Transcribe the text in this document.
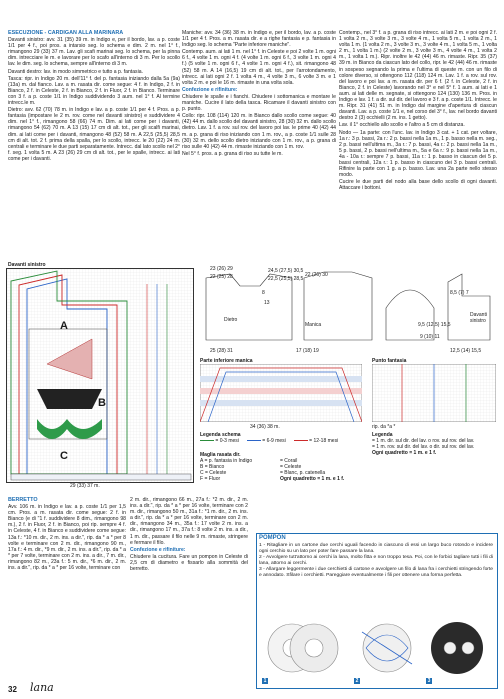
ESECUZIONE - CARDIGAN ALLA MARINARA

Davanti sinistro: avv. 31 (35) 39 m. in Indigo e, per il bordo, lav. a p. coste 1/1 per 4 f., poi pros. a intarsio seg. lo schema e dim. 2 m. nel 1° f., rimangono 29 (33) 37 m. Lav. gli scafi marinai seg. lo schema, per la pinna dim. intrecciare le m. e lavorare per lo scafo all'interno di 3 m. Per lo scollo lav. le dim. seg. lo schema, sempre all'interno di 3 m.

Davanti destro: lav. in modo simmetrico e tutto a p. fantasia.

Tasca: ripr. in Indigo 20 m. dell'11° f. del p. fantasia iniziando dalla 5a (9a) (13a) m. dal fianco. Lav. a m. rasata dir. come segue: 4 f. in Indigo, 2 f. in Bianco, 2 f. in Celeste, 2 f. in Bianco, 2 f. in Fluor, 2 f. in Bianco. Terminare con 3 f. a p. coste 1/1 in Indigo suddividendo 3 aum. nel 1° f. Al termine intrecc.le m.

Dietro: avv. 62 (70) 78 m. in Indigo e lav. a p. coste 1/1 per 4 f. Pros. a p. fantasia (impostare le 2 m. rov. come nel davanti sinistro) e suddividere 4 dim. nel 1° f., rimangono 58 (66) 74 m. Dim. ai lati come per i davanti, rimangono 54 (62) 70 m. A 13 (15) 17 cm di alt. tot., per gli scalfi marinai, dim. ai lati come per i davanti, rimangono 48 (52) 58 m. A 22,5 (25,5) 28,5 cm di alt. tot. 2 f. prima della spalla, per lo scollo, intrecc. le 20 (22) 24 m. centrali e terminare le due parti separatamente. Intrecc. dal lato scollo nel 2° f. seg. 1 volta 5 m. A 23 (26) 29 cm di alt. tot., per le spalle, intrecc. ai lati come per i davanti.

Maniche: avv. 34 (36) 38 m. in Indigo e, per il bordo, lav. a p. coste 1/1 per 4 f. Pros. a m. rasata dir. e a righe fantasia e p. fantasia in Indigo seg. lo schema "Parte inferiore maniche".

Contemp. aum. ai lati 1 m. nel 1° f. in Celeste e poi 2 volte 1 m. ogni 6 f., 4 volte 1 m. ogni 4 f. (4 volte 1 m. ogni 6 f., 3 volte 1 m. ogni 4 f.) (5 volte 1 m. ogni 6 f., 4 volte 1 m. ogni 4 f.), sit. rimangono 48 (52) 58 m. A 14 (16,5) 19 cm di alt. tot., per l'arrotondamento, intrecc. ai lati ogni 2 f. 1 volta 4 m., 4 volte 3 m., 6 volte 3 m. e 1 volta 2 m. e poi le 16 m. rimaste in una volta sola.

Confezione e rifiniture:

Chiudere le spalle e i fianchi. Chiudere i sottomanica e montare le maniche. Cucire il lato della tasca. Ricamare il davanti sinistro con p. punto.

Collo: ripr. 108 (114) 120 m. in Bianco dallo scollo come segue: 40 (42) 44 m. dallo scollo del davanti sinistro, 28 (30) 32 m. dallo scollo dietro. Lav. 1 f. a rov. sul rov. del lavoro poi lav. le prime 40 (42) 44 m. a p. grana di riso iniziando con 1 m. rov., a p. coste 1/1 sulle 28 (30) 32 m. dello scollo dietro iniziando con 1 m. rov., a p. grana di riso sulle 40 (42) 44 m. rimaste iniziando con 1 m. rov.

Nel 5° f. pros. a p. grana di riso su tutte le m.

Contemp., nel 3° f. a p. grana di riso intrecc. ai lati 2 m. e poi ogni 2 f. 1 volta 2 m., 3 volte 3 m., 3 volte 4 m., 1 volta 5 m., 1 volta 2 m., 1 volta 1 m. (1 volta 2 m., 3 volte 3 m., 3 volte 4 m., 1 volta 5 m., 1 volta 2 m., 1 volta 1 m.) (2 volte 2 m., 3 volte 3 m., 4 volte 4 m., 1 volta 2 m., 1 volta 1 m.). Ripr. inoltre le 42 (44) 46 m. rimaste. Ripr. 35 (37) 39 m. in Bianco da ciascun lato del collo, ripr. le 42 (44) 46 m. rimaste in sospeso segnando la prima e l'ultima di queste m. con un filo di colore diverso, si ottengono 112 (118) 124 m. Lav. 1 f. a rov. sul rov. del lavoro e poi lav. a m. rasata dir. per 6 f. (2 f. in Celeste, 2 f. in Bianco, 2 f. in Celeste) lavorando nel 3° e nel 5° f. 1 aum. ai lati e 1 aum. ai lati delle m. segnate, si ottengono 124 (130) 136 m. Pros. in Indigo e lav. 1 f. a dir. sul dir. del lavoro e 3 f. a p. coste 1/1. Intrecc. le m. Ripr. 31 (41) 51 m. in Indigo dal margine d'apertura di ciascun davanti. Lav. a p. coste 1/1 e, nel corso del 3° f., lav. nel bordo davanti destro 2 (3) occhielli (2 m. ins. 1 getto).

Lav. il 1° occhiello allo scollo e l'altro a 5 cm di distanza.

Nodo — 1a parte: con l'unc. lav. in Indigo 3 cat. + 1 cat. per voltare, 1a r.: 3 p. bassi, 2a r.: 2 p. bassi nella 1a m., 1 p. basso nella m. seg., 2 p. bassi nell'ultima m., 3a r.: 7 p. bassi, 4a r.: 2 p. bassi nella 1a m., 5 p. bassi, 2 p. bassi nell'ultima m., 5a e 6a r.: 9 p. bassi nella 1a m., 4a - 10a r.: sempre 7 p. bassi, 11a r.: 1 p. basso in ciascun dei 5 p. bassi centrali, 12a r.: 1 p. basso in ciascuno dei 3 p. bassi centrali. Rifinire la parte con 1 g. a p. basso. Lav. una 2a parte nello stesso modo.

Cucire le due parti del nodo alla base dello scollo di ogni davanti. Attaccare i bottoni.

Davanti sinistro
A
B
C
29 (33) 37 m.
23 (26) 29
22 (25) 28
24,5 (27,5) 30,5
22,5 (25,5) 28,5
22 (26) 30
Dietro
Manica
Davanti sinistro
25 (28) 31	17 (18) 19	12,5 (14) 15,5
9,5 (12,5) 15,5
9 (10) 11
13
8	8,5 (7) 7
Parte inferiore manica
34 (36) 38 m.
Punto fantasia
rip. da *a *
Legenda schema
= 0-3 mesi	= 6-9 mesi	= 12-18 mesi
Maglia rasata dir.
A = p. fantasia in Indigo
B = Bianco
C = Celeste
F = Fluor
= Corail
= Celeste
= Blanc, p. catenella
Ogni quadretto = 1 m. e 1 f.
Legenda
= 1 m. dir. sul dir. del lav. o rov. sul rov. del lav.
= 1 m. rov. sul dir. del lav. o dir. sul rov. del lav.
Ogni quadretto = 1 m. e 1 f.

BERRETTO

Avv. 106 m. in Indigo e lav. a p. coste 1/1 per 1,5 cm. Pros. a m. rasata dir. come segue: 2 f. in Bianco (e di "1 f. suddividere 8 dim., rimangono 98 m.), 2 f. in Fluor, 2 f. in Bianco, poi rip. sempre 4 f. in Celeste, 4 f. in Bianco e suddividere come segue: 13a f.: *10 m. dir., 2 m. ins. a dir.", rip. da * a * per 8 volte e terminare con 2 m. dir., rimangono 90 m., 17a f.: 4 m. dir., *9 m. dir., 2 m. ins. a dir.", rip. da * a * per 7 volte, terminare con 2 m. ins. a dir., 7 m. dir., rimangono 82 m., 23a f.: 5 m. dir., *6 m. dir., 2 m. ins. a dir.", rip. da * a * per 16 volte, terminare con

2 m. dir., rimangono 66 m., 27a f.: *2 m. dir., 2 m. ins. a dir.", rip. da * a * per 16 volte, terminare con 2 m. dir., rimangono 50 m., 31a f.: *1 m. dir., 2 m. ins. a dir.", rip. da * a * per 16 volte, terminare con 2 m. dir., rimangono 34 m., 35a f.: 17 volte 2 m. ins. a dir., rimangono 17 m., 37a f.: 8 volte 2 m. ins. a dir., 1 m. dir., passare il filo nelle 9 m. rimaste, stringere e fermare il filo.

Confezione e rifiniture:

Chiudere la cucitura. Fare un pompon in Celeste di 2,5 cm di diametro e fissarlo alla sommità del berretto.

POMPON
1 - Ritagliare in un cartone due cerchi uguali facendo in ciascuno di essi un largo buco rotondo e incidere ogni cerchio su un lato per poter fare passare la lana.
2 - Avvolgere tutt'attorno ai cerchi la lana, molto fitta e non troppo tesa. Poi, con le forbici tagliare tutti i fili di lana, attorno ai cerchi.
3 - Allargare leggermente i due cerchietti di cartone e avvolgere un filo di lana fra i cerchietti stringendo forte e annodato. Sfilare i cerchietti. Pareggiare eventualmente i fili per ottenere una forma perfetta.
1	2	3
32 lana
